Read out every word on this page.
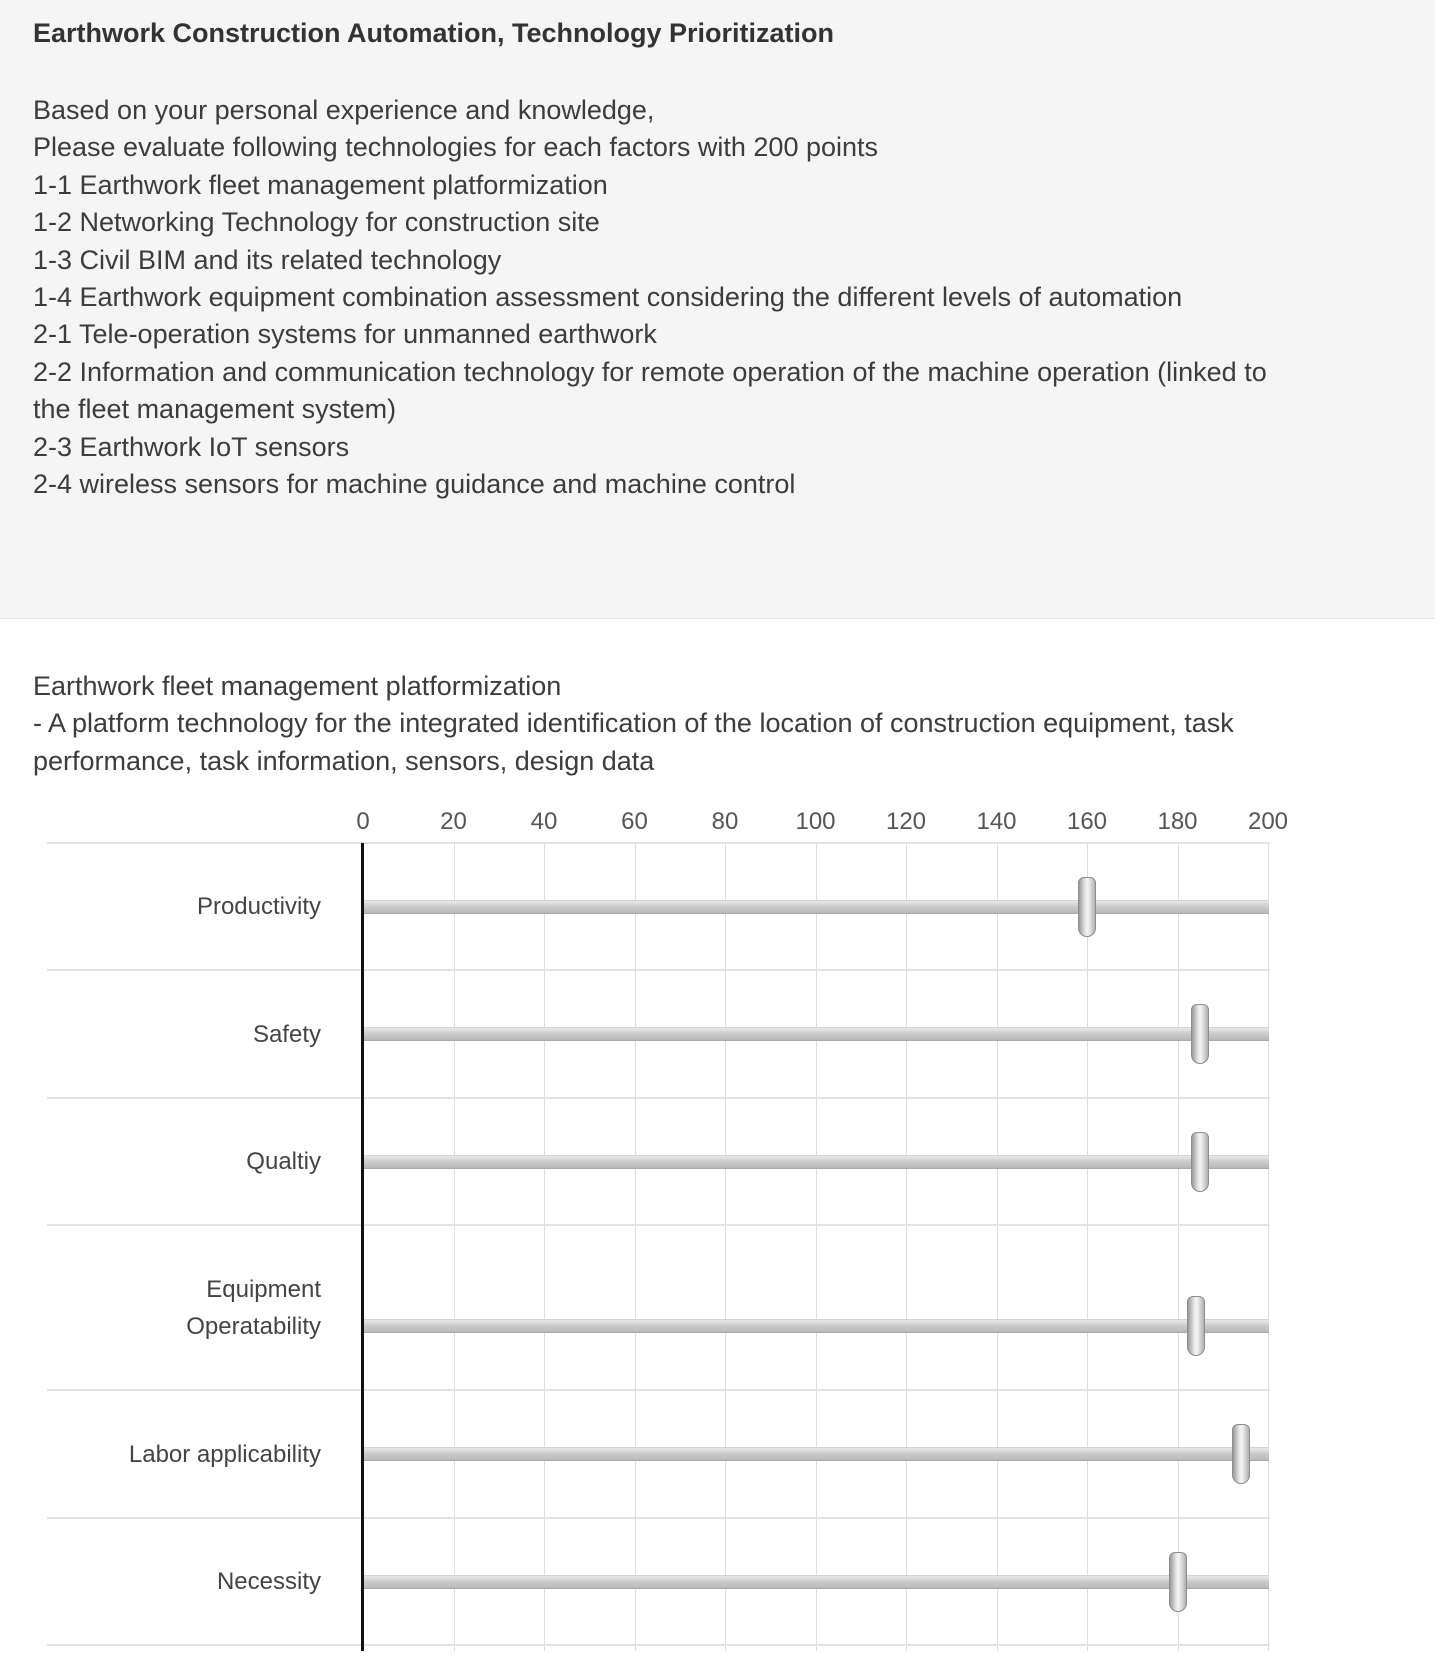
Earthwork Construction Automation, Technology Prioritization
Based on your personal experience and knowledge,
Please evaluate following technologies for each factors with 200 points
1-1 Earthwork fleet management platformization
1-2 Networking Technology for construction site
1-3 Civil BIM and its related technology
1-4 Earthwork equipment combination assessment considering the different levels of automation
2-1 Tele-operation systems for unmanned earthwork
2-2 Information and communication technology for remote operation of the machine operation (linked to
the fleet management system)
2-3 Earthwork IoT sensors
2-4 wireless sensors for machine guidance and machine control
Earthwork fleet management platformization
- A platform technology for the integrated identification of the location of construction equipment, task
performance, task information, sensors, design data
0	20	40	60	80	100	120	140	160	180	200
Productivity
Safety
Qualtiy
Equipment
Operatability
Labor applicability
Necessity
